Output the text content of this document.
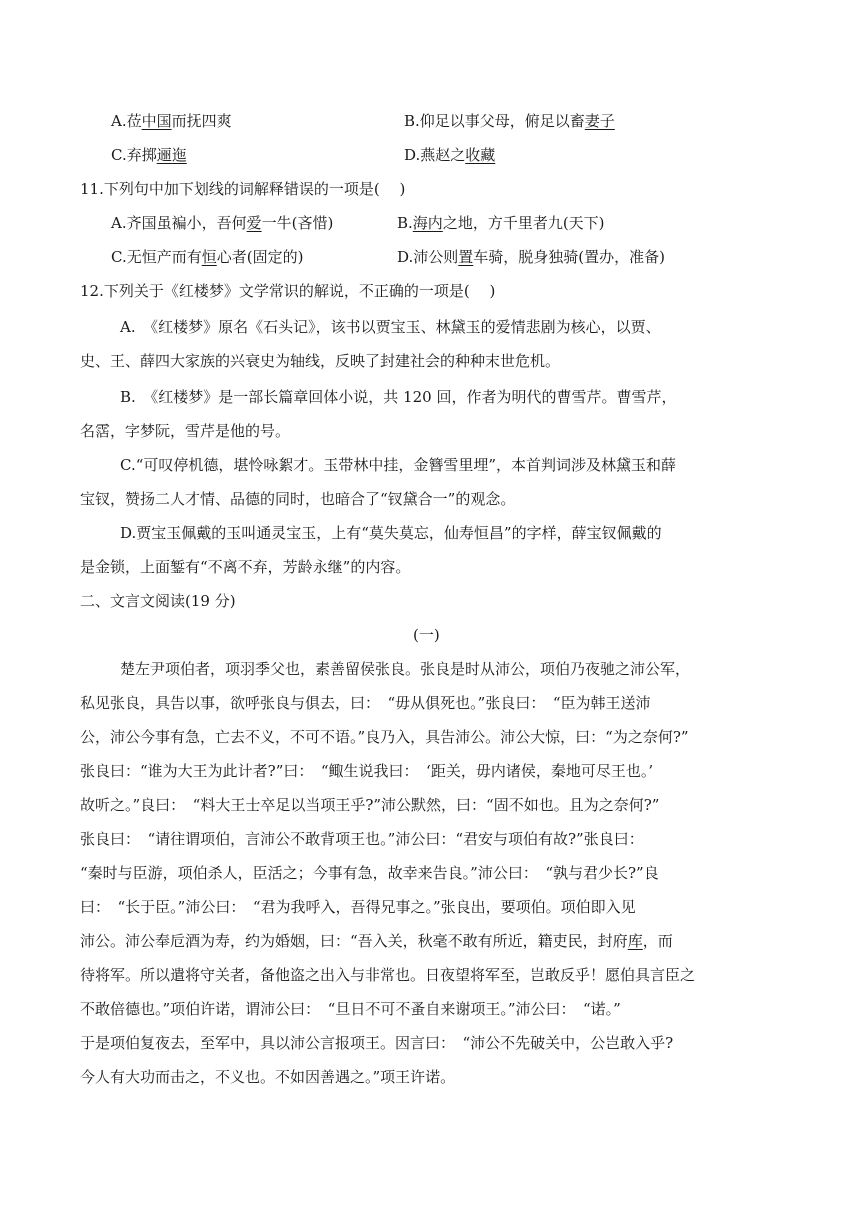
A.莅中国而抚四爽	B.仰足以事父母，俯足以畜妻子
C.弃掷逦迤	D.燕赵之收藏
11.下列句中加下划线的词解释错误的一项是(　 )
A.齐国虽褊小，吾何爱一牛(吝惜)	B.海内之地，方千里者九(天下)
C.无恒产而有恒心者(固定的)	D.沛公则置车骑，脱身独骑(置办，准备)
12.下列关于《红楼梦》文学常识的解说，不正确的一项是(　 )
A.　《红楼梦》原名《石头记》，该书以贾宝玉、林黛玉的爱情悲剧为核心，以贾、
史、王、薛四大家族的兴衰史为轴线，反映了封建社会的种种末世危机。
B.　《红楼梦》是一部长篇章回体小说，共 120 回，作者为明代的曹雪芹。曹雪芹，
名霑，字梦阮，雪芹是他的号。
C.“可叹停机德，堪怜咏絮才。玉带林中挂，金簪雪里埋”，本首判词涉及林黛玉和薛
宝钗，赞扬二人才情、品德的同时，也暗合了“钗黛合一”的观念。
D.贾宝玉佩戴的玉叫通灵宝玉，上有“莫失莫忘，仙寿恒昌”的字样，薛宝钗佩戴的
是金锁，上面錾有“不离不弃，芳龄永继”的内容。
二、文言文阅读(19 分)
(一)
楚左尹项伯者，项羽季父也，素善留侯张良。张良是时从沛公，项伯乃夜驰之沛公军，
私见张良，具告以事，欲呼张良与俱去，曰：　“毋从俱死也。”张良曰：　“臣为韩王送沛
公，沛公今事有急，亡去不义，不可不语。”良乃入，具告沛公。沛公大惊，曰：“为之奈何?”
张良曰：“谁为大王为此计者?”曰：　“鲰生说我曰：　‘距关，毋内诸侯，秦地可尽王也。’
故听之。”良曰：　“料大王士卒足以当项王乎?”沛公默然，曰：“固不如也。且为之奈何?”
张良曰：　“请往谓项伯，言沛公不敢背项王也。”沛公曰：“君安与项伯有故?”张良曰：
“秦时与臣游，项伯杀人，臣活之；今事有急，故幸来告良。”沛公曰：　“孰与君少长?”良
曰：　“长于臣。”沛公曰：　“君为我呼入，吾得兄事之。”张良出，要项伯。项伯即入见
沛公。沛公奉卮酒为寿，约为婚姻，曰：“吾入关，秋毫不敢有所近，籍吏民，封府库，而
待将军。所以遣将守关者，备他盗之出入与非常也。日夜望将军至，岂敢反乎！愿伯具言臣之
不敢倍德也。”项伯许诺，谓沛公曰：　“旦日不可不蚤自来谢项王。”沛公曰：　“诺。”
于是项伯复夜去，至军中，具以沛公言报项王。因言曰：　“沛公不先破关中，公岂敢入乎?
今人有大功而击之，不义也。不如因善遇之。”项王许诺。
